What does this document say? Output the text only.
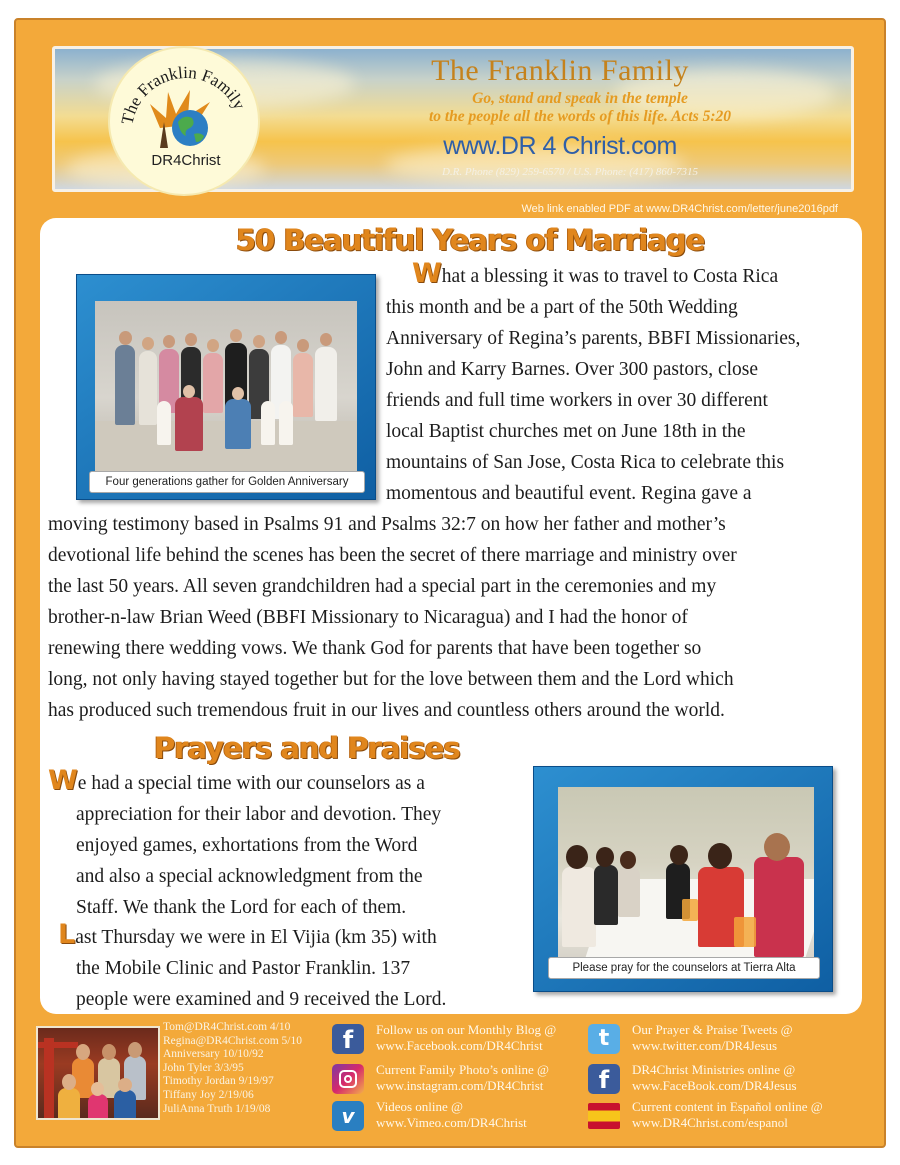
The Franklin Family
DR4Christ
The Franklin Family
Go, stand and speak in the temple
to the people all the words of this life. Acts 5:20
www.DR 4 Christ.com
D.R. Phone (829) 259-6570 / U.S. Phone: (417) 860-7315
Web link enabled PDF at www.DR4Christ.com/letter/june2016pdf
50 Beautiful Years of Marriage
Four generations gather for Golden Anniversary
What a blessing it was to travel to Costa Rica
this month and be a part of the 50th Wedding
Anniversary of Regina’s parents, BBFI Missionaries,
John and Karry Barnes. Over 300 pastors, close
friends and full time workers in over 30 different
local Baptist churches met on June 18th in the
mountains of San Jose, Costa Rica to celebrate this
momentous and beautiful event. Regina gave a
moving testimony based in Psalms 91 and Psalms 32:7 on how her father and mother’s
devotional life behind the scenes has been the secret of there marriage and ministry over
the last 50 years. All seven grandchildren had a special part in the ceremonies and my
brother-n-law Brian Weed (BBFI Missionary to Nicaragua) and I had the honor of
renewing there wedding vows. We thank God for parents that have been together so
long, not only having stayed together but for the love between them and the Lord which
has produced such tremendous fruit in our lives and countless others around the world.
Prayers and Praises
We had a special time with our counselors as a
appreciation for their labor and devotion. They
enjoyed games, exhortations from the Word
and also a special acknowledgment from the
Staff. We thank the Lord for each of them.
Last Thursday we were in El Vijia (km 35) with
the Mobile Clinic and Pastor Franklin. 137
people were examined and 9 received the Lord.
Please pray for the counselors at Tierra Alta
Tom@DR4Christ.com 4/10
Regina@DR4Christ.com 5/10
Anniversary 10/10/92
John Tyler 3/3/95
Timothy Jordan 9/19/97
Tiffany Joy 2/19/06
JuliAnna Truth 1/19/08
f	Follow us on our Monthly Blog @
www.Facebook.com/DR4Christ
Current Family Photo’s online @
www.instagram.com/DR4Christ
v	Videos online @
www.Vimeo.com/DR4Christ
t	Our Prayer & Praise Tweets @
www.twitter.com/DR4Jesus
f	DR4Christ Ministries online @
www.FaceBook.com/DR4Jesus
Current content in Español online @
www.DR4Christ.com/espanol
